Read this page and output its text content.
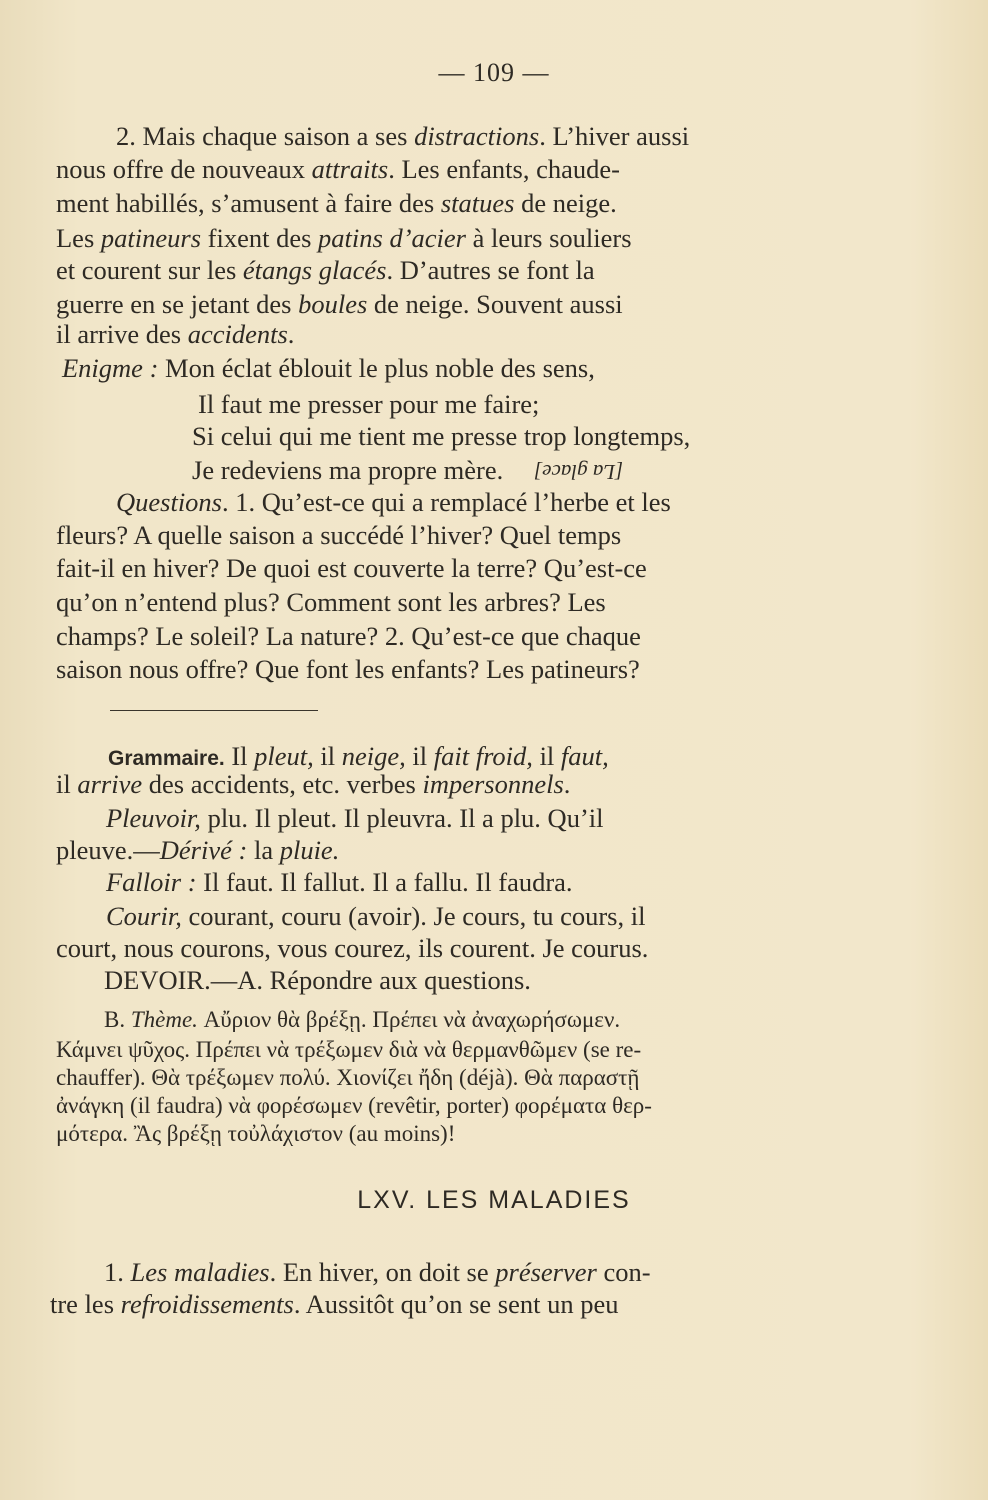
— 109 —
2. Mais chaque saison a ses distractions. L’hiver aussi
nous offre de nouveaux attraits. Les enfants, chaude-
ment habillés, s’amusent à faire des statues de neige.
Les patineurs fixent des patins d’acier à leurs souliers
et courent sur les étangs glacés. D’autres se font la
guerre en se jetant des boules de neige. Souvent aussi
il arrive des accidents.
Enigme : Mon éclat éblouit le plus noble des sens,
Il faut me presser pour me faire;
Si celui qui me tient me presse trop longtemps,
Je redeviens ma propre mère. [La glace]
Questions. 1. Qu’est-ce qui a remplacé l’herbe et les
fleurs? A quelle saison a succédé l’hiver? Quel temps
fait-il en hiver? De quoi est couverte la terre? Qu’est-ce
qu’on n’entend plus? Comment sont les arbres? Les
champs? Le soleil? La nature? 2. Qu’est-ce que chaque
saison nous offre? Que font les enfants? Les patineurs?
Grammaire. Il pleut, il neige, il fait froid, il faut,
il arrive des accidents, etc. verbes impersonnels.
Pleuvoir, plu. Il pleut. Il pleuvra. Il a plu. Qu’il
pleuve.—Dérivé : la pluie.
Falloir : Il faut. Il fallut. Il a fallu. Il faudra.
Courir, courant, couru (avoir). Je cours, tu cours, il
court, nous courons, vous courez, ils courent. Je courus.
DEVOIR.—A. Répondre aux questions.
B. Thème. Αὔριον θὰ βρέξῃ. Πρέπει νὰ ἀναχωρήσωμεν.
Κάμνει ψῦχος. Πρέπει νὰ τρέξωμεν διὰ νὰ θερμανθῶμεν (se re-
chauffer). Θὰ τρέξωμεν πολύ. Χιονίζει ἤδη (déjà). Θὰ παραστῇ
ἀνάγκη (il faudra) νὰ φορέσωμεν (revêtir, porter) φορέματα θερ-
μότερα. Ἂς βρέξῃ τοὐλάχιστον (au moins)!
LXV. LES MALADIES
1. Les maladies. En hiver, on doit se préserver con-
tre les refroidissements. Aussitôt qu’on se sent un peu
